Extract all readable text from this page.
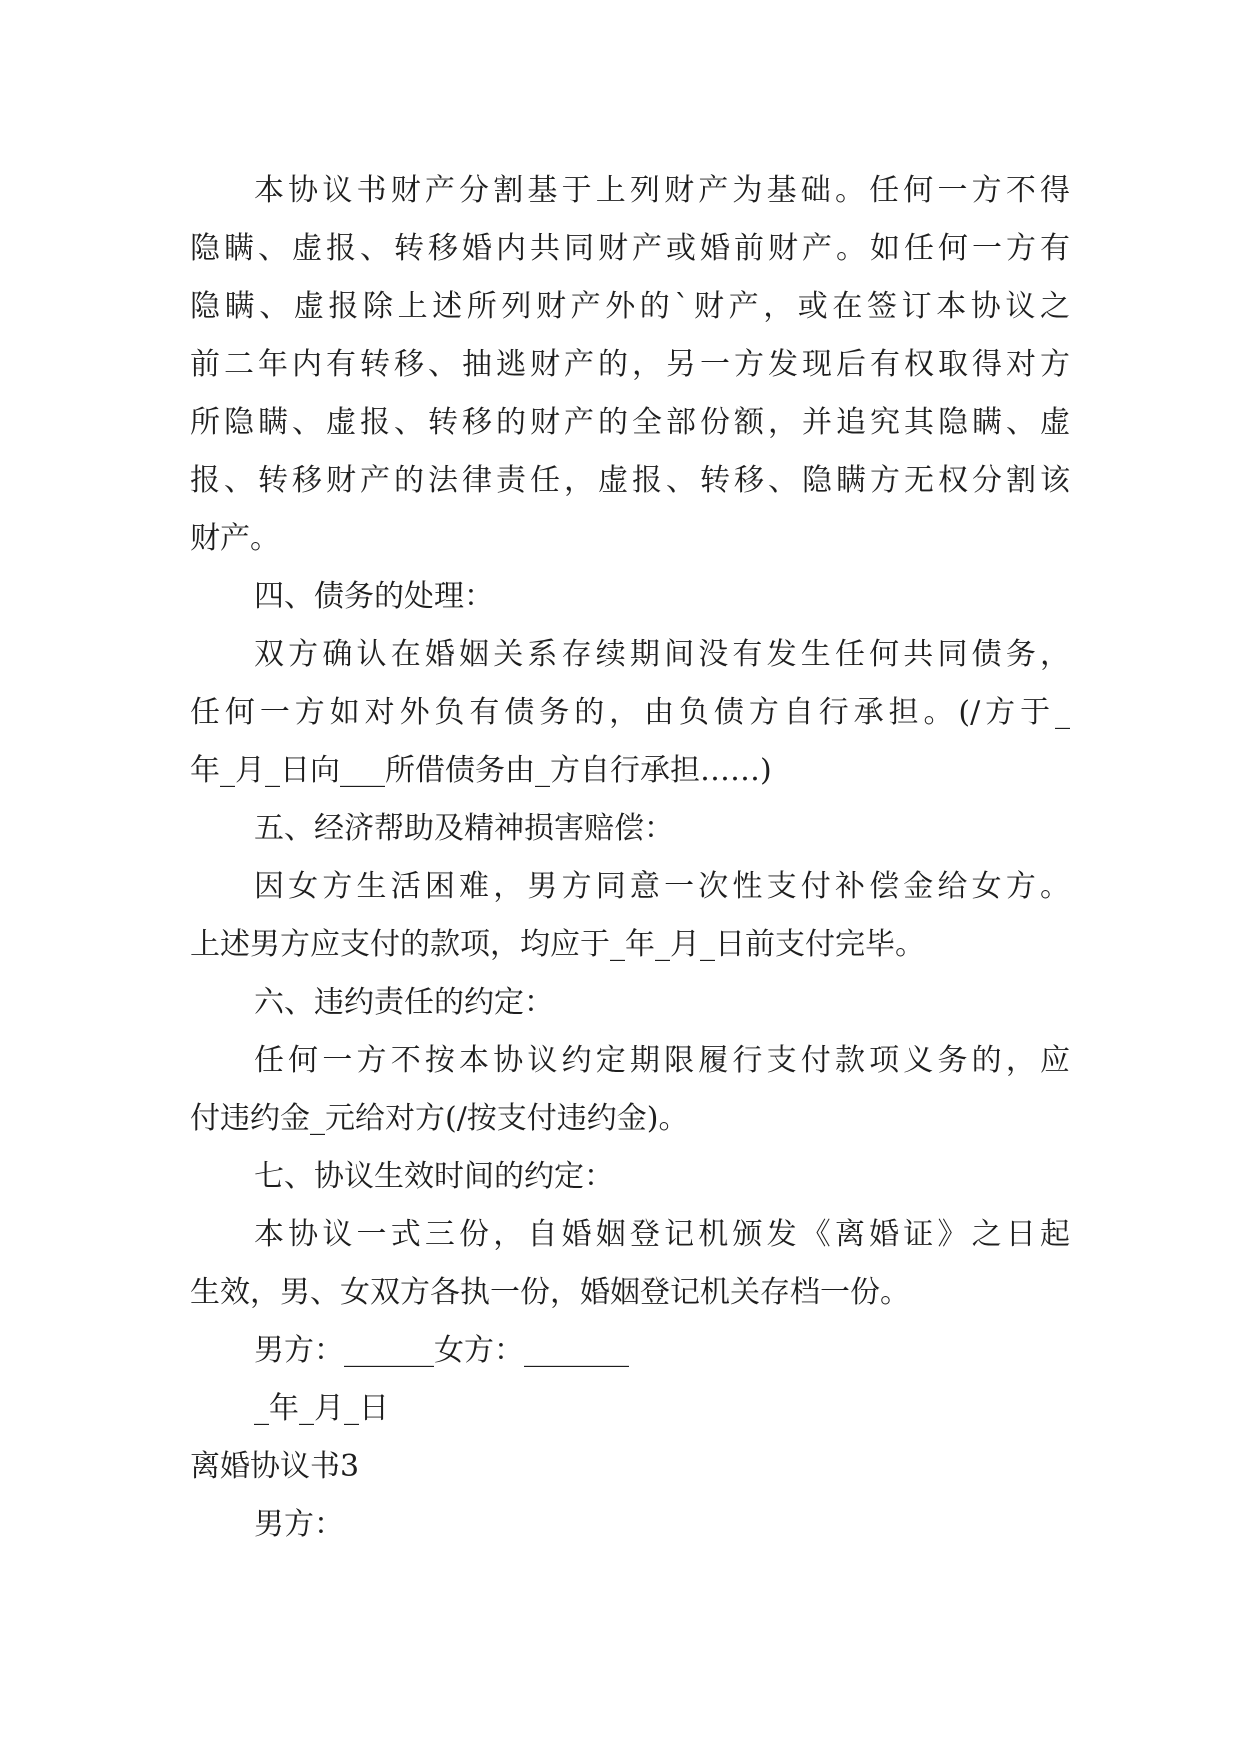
本协议书财产分割基于上列财产为基础。任何一方不得
隐瞒、虚报、转移婚内共同财产或婚前财产。如任何一方有
隐瞒、虚报除上述所列财产外的`财产，或在签订本协议之
前二年内有转移、抽逃财产的，另一方发现后有权取得对方
所隐瞒、虚报、转移的财产的全部份额，并追究其隐瞒、虚
报、转移财产的法律责任，虚报、转移、隐瞒方无权分割该
财产。
四、债务的处理：
双方确认在婚姻关系存续期间没有发生任何共同债务，
任何一方如对外负有债务的，由负债方自行承担。(/方于_
年_月_日向___所借债务由_方自行承担……)
五、经济帮助及精神损害赔偿：
因女方生活困难，男方同意一次性支付补偿金给女方。
上述男方应支付的款项，均应于_年_月_日前支付完毕。
六、违约责任的约定：
任何一方不按本协议约定期限履行支付款项义务的，应
付违约金_元给对方(/按支付违约金)。
七、协议生效时间的约定：
本协议一式三份，自婚姻登记机颁发《离婚证》之日起
生效，男、女双方各执一份，婚姻登记机关存档一份。
男方：______女方：_______
_年_月_日
离婚协议书3
男方：
